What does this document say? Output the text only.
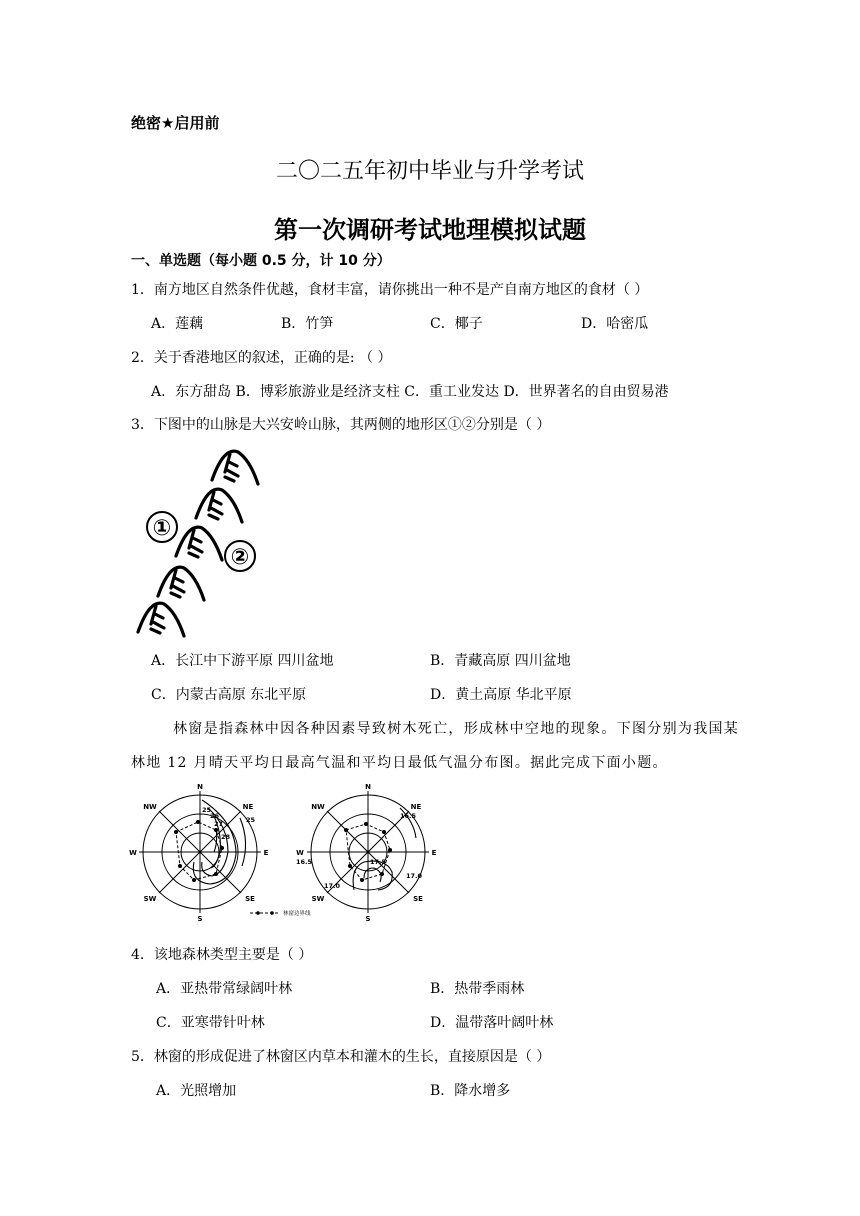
绝密★启用前
二〇二五年初中毕业与升学考试
第一次调研考试地理模拟试题
一、单选题（每小题 0.5 分，计 10 分）
1．南方地区自然条件优越，食材丰富，请你挑出一种不是产自南方地区的食材（ ）
A．莲藕	B．竹笋	C．椰子	D．哈密瓜
2．关于香港地区的叙述，正确的是: （ ）
A．东方甜岛 B．博彩旅游业是经济支柱 C．重工业发达 D．世界著名的自由贸易港
3．下图中的山脉是大兴安岭山脉，其两侧的地形区①②分别是（ ）
①
②
A．长江中下游平原 四川盆地	B．青藏高原 四川盆地
C．内蒙古高原 东北平原	D．黄土高原 华北平原
林窗是指森林中因各种因素导致树木死亡，形成林中空地的现象。下图分别为我国某
林地 12 月晴天平均日最高气温和平均日最低气温分布图。据此完成下面小题。
25
26
27
28
25
N
NE
E
SE
S
SW
W
NW
林窗边界线
16.5
16.5
17.0
17.5
17.0
N
NE
E
SE
S
SW
W
NW
4．该地森林类型主要是（ ）
A．亚热带常绿阔叶林	B．热带季雨林
C．亚寒带针叶林	D．温带落叶阔叶林
5．林窗的形成促进了林窗区内草本和灌木的生长，直接原因是（ ）
A．光照增加	B．降水增多
